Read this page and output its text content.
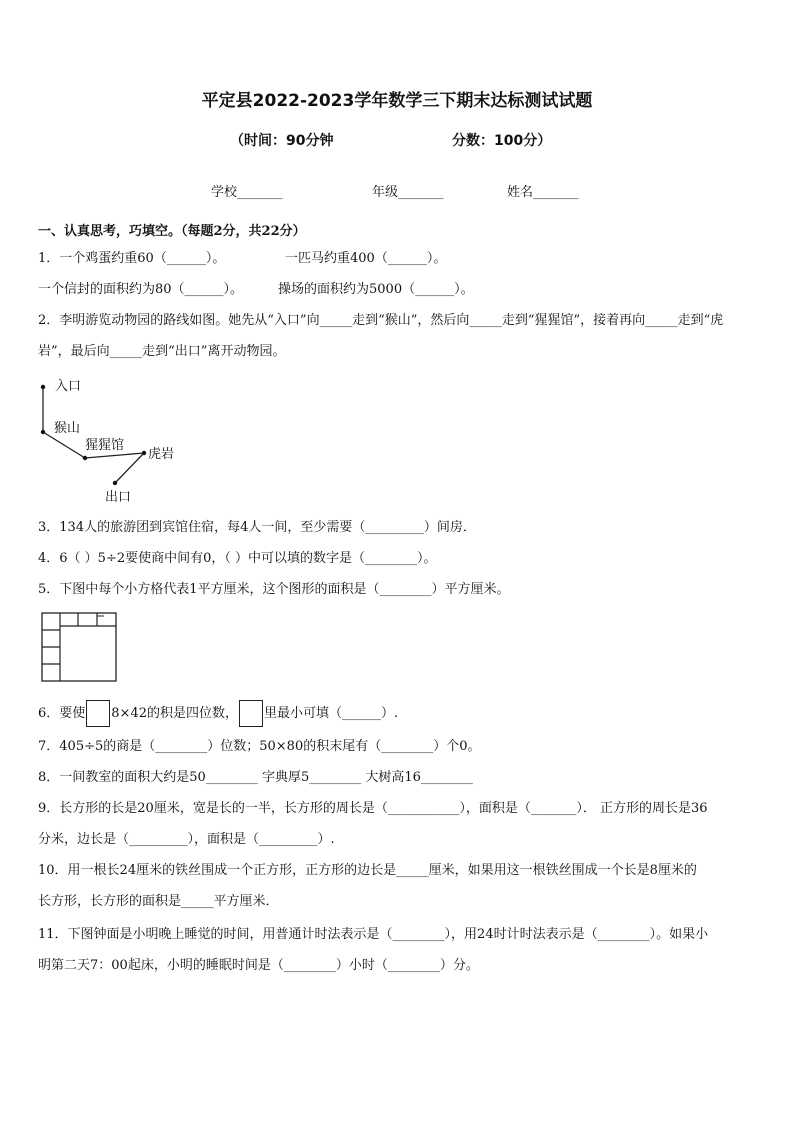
平定县2022-2023学年数学三下期末达标测试试题
（时间：90分钟	分数：100分）
学校_______	年级_______	姓名_______
一、认真思考，巧填空。（每题2分，共22分）
1．一个鸡蛋约重60（______）。	一匹马约重400（______）。
一个信封的面积约为80（______）。	操场的面积约为5000（______）。
2．李明游览动物园的路线如图。她先从“入口”向_____走到“猴山”，然后向_____走到“猩猩馆”，接着再向_____走到“虎
岩”，最后向_____走到“出口”离开动物园。
入口
猴山
猩猩馆
虎岩
出口
3．134人的旅游团到宾馆住宿，每4人一间，至少需要（_________）间房．
4．6（ ）5÷2要使商中间有0，（ ）中可以填的数字是（________）。
5．下图中每个小方格代表1平方厘米，这个图形的面积是（________）平方厘米。
6．要使 8×42的积是四位数， 里最小可填（______）.
7．405÷5的商是（________）位数；50×80的积末尾有（________）个0。
8．一间教室的面积大约是50________ 字典厚5________ 大树高16________
9．长方形的长是20厘米，宽是长的一半，长方形的周长是（___________），面积是（_______）． 正方形的周长是36
分米，边长是（_________），面积是（_________）.
10．用一根长24厘米的铁丝围成一个正方形，正方形的边长是_____厘米，如果用这一根铁丝围成一个长是8厘米的
长方形，长方形的面积是_____平方厘米．
11．下图钟面是小明晚上睡觉的时间，用普通计时法表示是（________），用24时计时法表示是（________）。如果小
明第二天7：00起床，小明的睡眠时间是（________）小时（________）分。
